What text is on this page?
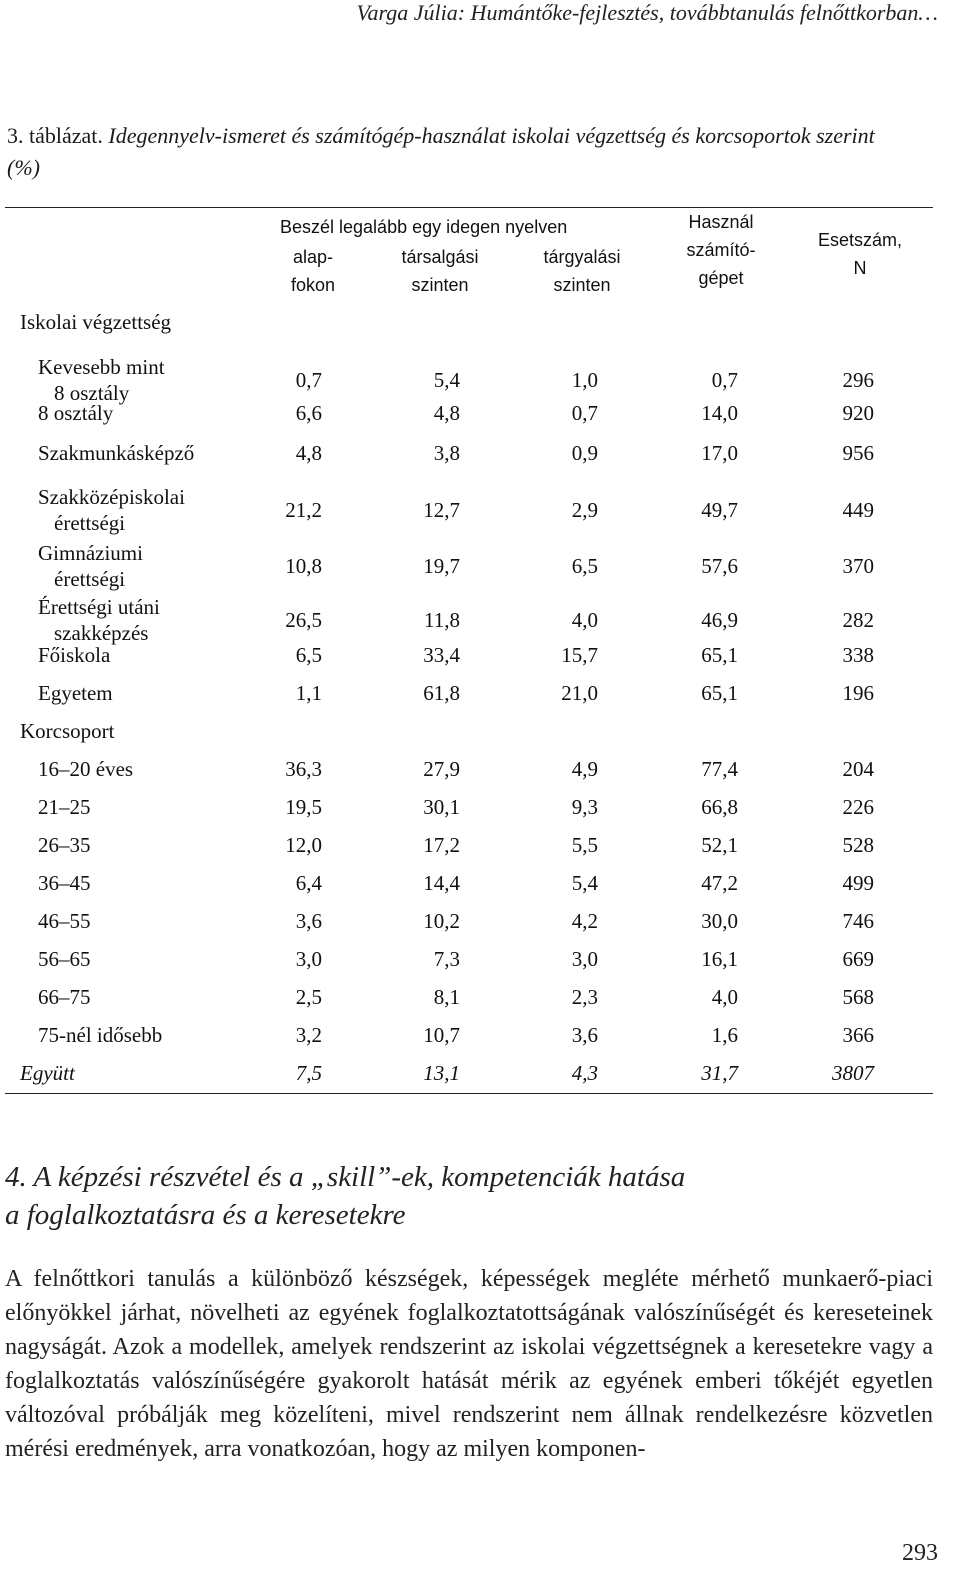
Varga Júlia: Humántőke-fejlesztés, továbbtanulás felnőttkorban…
3. táblázat. Idegennyelv-ismeret és számítógép-használat iskolai végzettség és korcsoportok szerint (%)
Beszél legalább egy idegen nyelven
alap-
fokon
társalgási
szinten
tárgyalási
szinten
Használ
számító-
gépet
Esetszám,
N
Iskolai végzettség
Korcsoport
Kevesebb mint
8 osztály
0,7	5,4	1,0	0,7	296
8 osztály	6,6	4,8	0,7	14,0	920
Szakmunkásképző	4,8	3,8	0,9	17,0	956
Szakközépiskolai
érettségi
21,2	12,7	2,9	49,7	449
Gimnáziumi
érettségi
10,8	19,7	6,5	57,6	370
Érettségi utáni
szakképzés
26,5	11,8	4,0	46,9	282
Főiskola	6,5	33,4	15,7	65,1	338
Egyetem	1,1	61,8	21,0	65,1	196
16–20 éves	36,3	27,9	4,9	77,4	204
21–25	19,5	30,1	9,3	66,8	226
26–35	12,0	17,2	5,5	52,1	528
36–45	6,4	14,4	5,4	47,2	499
46–55	3,6	10,2	4,2	30,0	746
56–65	3,0	7,3	3,0	16,1	669
66–75	2,5	8,1	2,3	4,0	568
75-nél idősebb	3,2	10,7	3,6	1,6	366
Együtt	7,5	13,1	4,3	31,7	3807
4. A képzési részvétel és a „skill”-ek, kompetenciák hatása
a foglalkoztatásra és a keresetekre
A felnőttkori tanulás a különböző készségek, képességek megléte mérhető munkaerő-piaci előnyökkel járhat, növelheti az egyének foglalkoztatottságának valószínűségét és kereseteinek nagyságát. Azok a modellek, amelyek rendszerint az iskolai végzettségnek a keresetekre vagy a foglalkoztatás valószínűségére gyakorolt hatását mérik az egyének emberi tőkéjét egyetlen változóval próbálják meg közelíteni, mivel rendszerint nem állnak rendelkezésre közvetlen mérési eredmények, arra vonatkozóan, hogy az milyen komponen-
293
